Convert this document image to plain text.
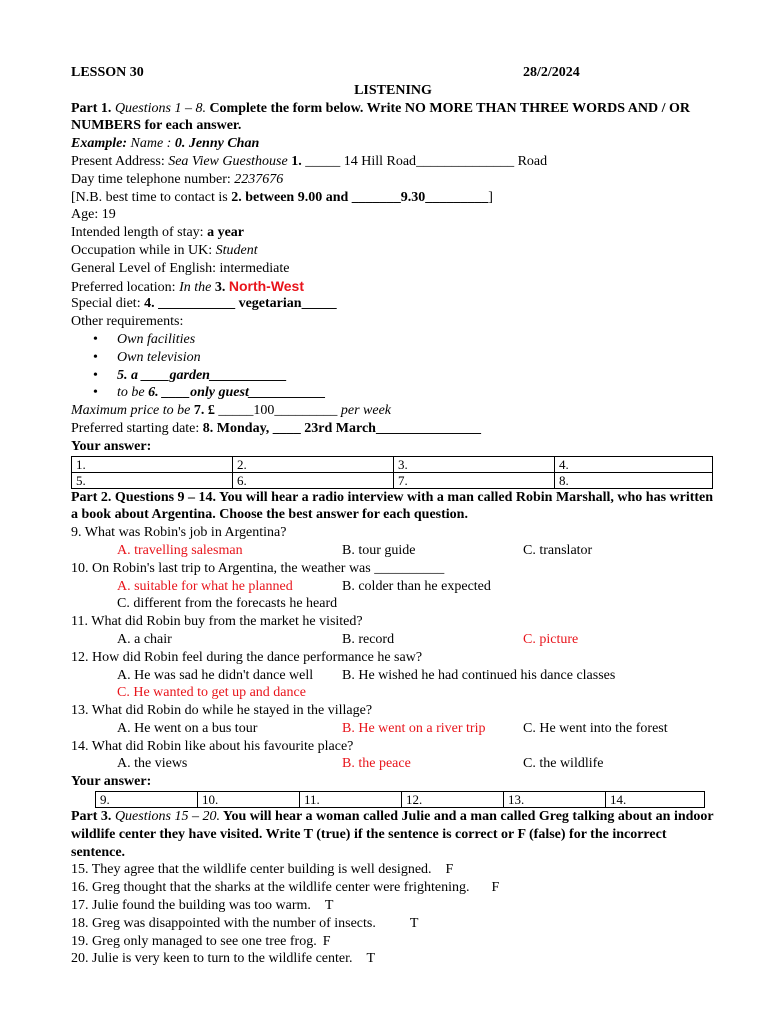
LESSON 30	28/2/2024
LISTENING
Part 1. Questions 1 – 8. Complete the form below. Write NO MORE THAN THREE WORDS AND / OR NUMBERS for each answer.
Example: Name : 0. Jenny Chan
Present Address: Sea View Guesthouse 1. _____ 14 Hill Road______________ Road
Day time telephone number: 2237676
[N.B. best time to contact is 2. between 9.00 and _______9.30_________]
Age: 19
Intended length of stay: a year
Occupation while in UK: Student
General Level of English: intermediate
Preferred location: In the 3. North-West
Special diet: 4. ___________ vegetarian_____
Other requirements:
• Own facilities
• Own television
• 5. a ____garden___________
• to be 6. ____only guest___________
Maximum price to be 7. £ _____100_________ per week
Preferred starting date: 8. Monday, ____ 23rd March_______________
Your answer:
1.	2.	3.	4.
5.	6.	7.	8.
Part 2. Questions 9 – 14. You will hear a radio interview with a man called Robin Marshall, who has written a book about Argentina. Choose the best answer for each question.
9. What was Robin's job in Argentina?
A. travelling salesman	B. tour guide	C. translator
10. On Robin's last trip to Argentina, the weather was __________
A. suitable for what he planned	B. colder than he expected
C. different from the forecasts he heard
11. What did Robin buy from the market he visited?
A. a chair	B. record	C. picture
12. How did Robin feel during the dance performance he saw?
A. He was sad he didn't dance well B. He wished he had continued his dance classes
C. He wanted to get up and dance
13. What did Robin do while he stayed in the village?
A. He went on a bus tour	B. He went on a river trip	C. He went into the forest
14. What did Robin like about his favourite place?
A. the views	B. the peace	C. the wildlife
Your answer:
9.	10.	11.	12.	13.	14.
Part 3. Questions 15 – 20. You will hear a woman called Julie and a man called Greg talking about an indoor wildlife center they have visited. Write T (true) if the sentence is correct or F (false) for the incorrect sentence.
15. They agree that the wildlife center building is well designed. F
16. Greg thought that the sharks at the wildlife center were frightening. F
17. Julie found the building was too warm. T
18. Greg was disappointed with the number of insects. T
19. Greg only managed to see one tree frog. F
20. Julie is very keen to turn to the wildlife center. T
